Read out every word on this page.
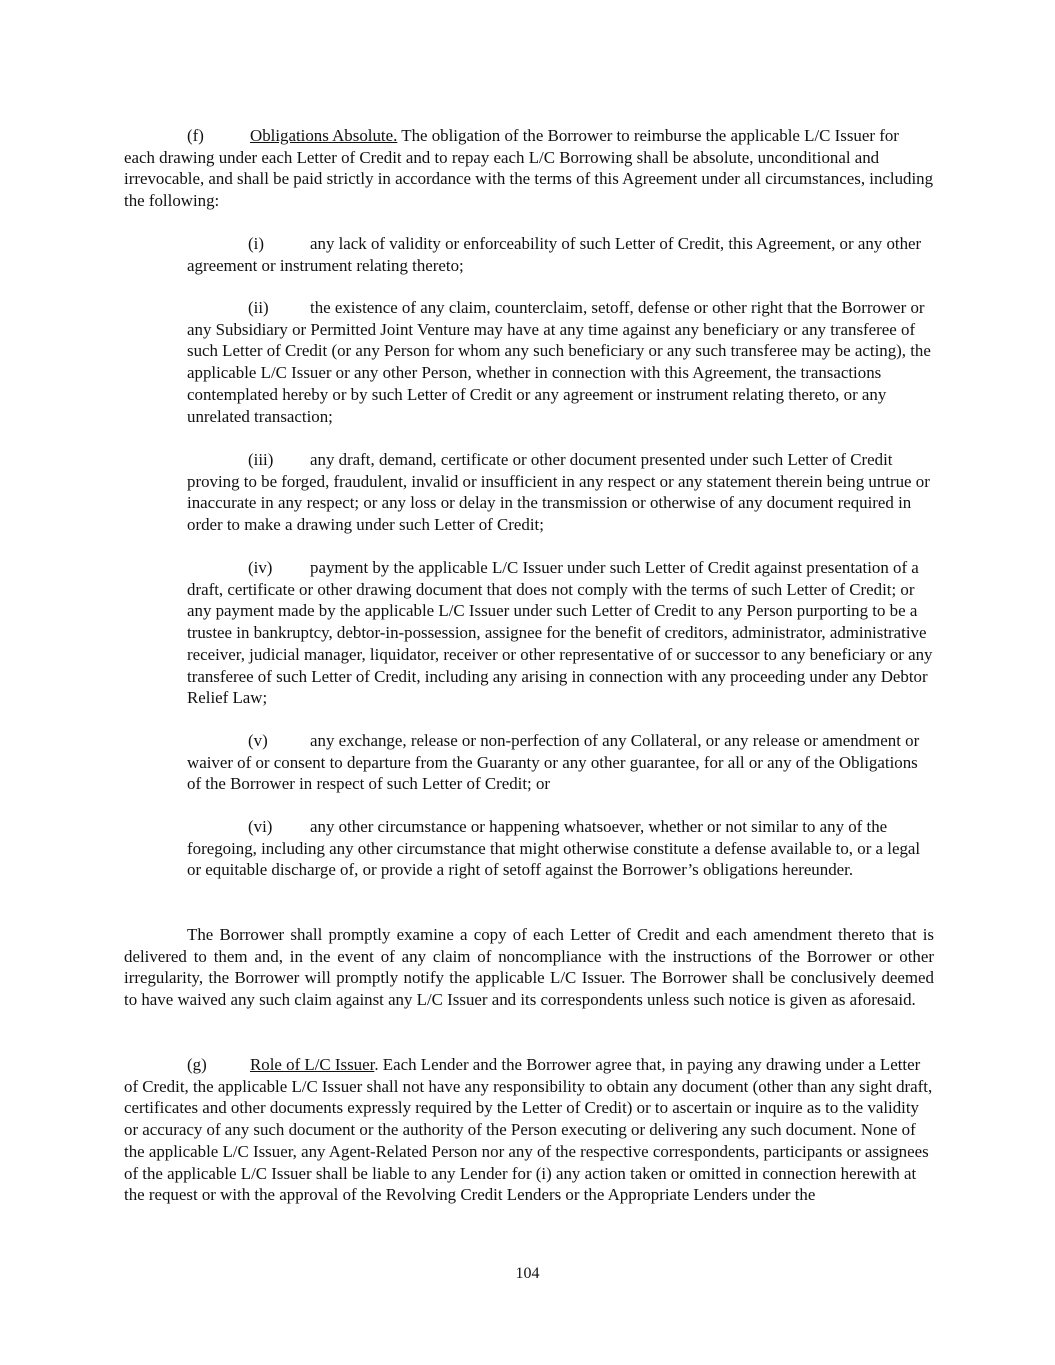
(f)	Obligations Absolute. The obligation of the Borrower to reimburse the applicable L/C Issuer for each drawing under each Letter of Credit and to repay each L/C Borrowing shall be absolute, unconditional and irrevocable, and shall be paid strictly in accordance with the terms of this Agreement under all circumstances, including the following:

(i)	any lack of validity or enforceability of such Letter of Credit, this Agreement, or any other agreement or instrument relating thereto;

(ii) the existence of any claim, counterclaim, setoff, defense or other right that the Borrower or any Subsidiary or Permitted Joint Venture may have at any time against any beneficiary or any transferee of such Letter of Credit (or any Person for whom any such beneficiary or any such transferee may be acting), the applicable L/C Issuer or any other Person, whether in connection with this Agreement, the transactions contemplated hereby or by such Letter of Credit or any agreement or instrument relating thereto, or any unrelated transaction;

(iii) any draft, demand, certificate or other document presented under such Letter of Credit proving to be forged, fraudulent, invalid or insufficient in any respect or any statement therein being untrue or inaccurate in any respect; or any loss or delay in the transmission or otherwise of any document required in order to make a drawing under such Letter of Credit;

(iv) payment by the applicable L/C Issuer under such Letter of Credit against presentation of a draft, certificate or other drawing document that does not comply with the terms of such Letter of Credit; or any payment made by the applicable L/C Issuer under such Letter of Credit to any Person purporting to be a trustee in bankruptcy, debtor-in-possession, assignee for the benefit of creditors, administrator, administrative receiver, judicial manager, liquidator, receiver or other representative of or successor to any beneficiary or any transferee of such Letter of Credit, including any arising in connection with any proceeding under any Debtor Relief Law;

(v)	any exchange, release or non-perfection of any Collateral, or any release or amendment or waiver of or consent to departure from the Guaranty or any other guarantee, for all or any of the Obligations of the Borrower in respect of such Letter of Credit; or

(vi) any other circumstance or happening whatsoever, whether or not similar to any of the foregoing, including any other circumstance that might otherwise constitute a defense available to, or a legal or equitable discharge of, or provide a right of setoff against the Borrower’s obligations hereunder.

The Borrower shall promptly examine a copy of each Letter of Credit and each amendment thereto that is delivered to them and, in the event of any claim of noncompliance with the instructions of the Borrower or other irregularity, the Borrower will promptly notify the applicable L/C Issuer. The Borrower shall be conclusively deemed to have waived any such claim against any L/C Issuer and its correspondents unless such notice is given as aforesaid.

(g)	Role of L/C Issuer. Each Lender and the Borrower agree that, in paying any drawing under a Letter of Credit, the applicable L/C Issuer shall not have any responsibility to obtain any document (other than any sight draft, certificates and other documents expressly required by the Letter of Credit) or to ascertain or inquire as to the validity or accuracy of any such document or the authority of the Person executing or delivering any such document. None of the applicable L/C Issuer, any Agent-Related Person nor any of the respective correspondents, participants or assignees of the applicable L/C Issuer shall be liable to any Lender for (i) any action taken or omitted in connection herewith at the request or with the approval of the Revolving Credit Lenders or the Appropriate Lenders under the

104
